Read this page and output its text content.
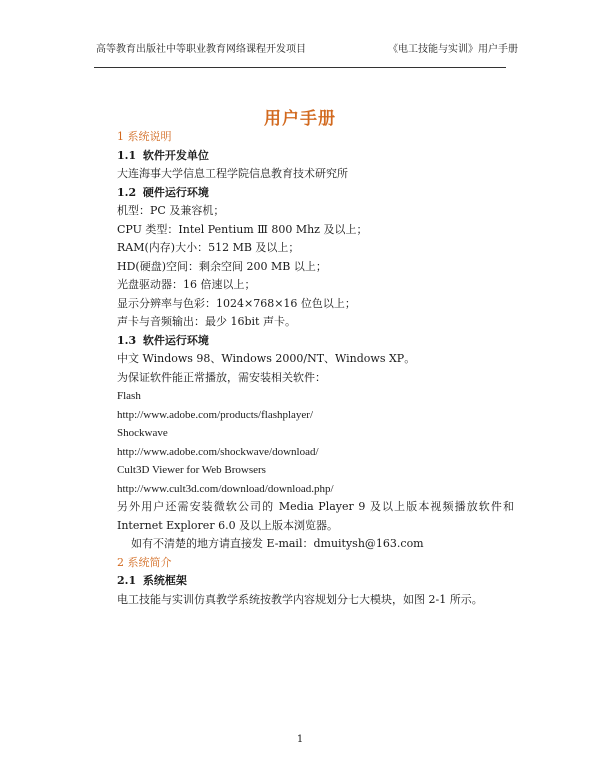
高等教育出版社中等职业教育网络课程开发项目	《电工技能与实训》用户手册
用户手册
1 系统说明
1.1 软件开发单位
大连海事大学信息工程学院信息教育技术研究所
1.2 硬件运行环境
机型：PC 及兼容机；
CPU 类型：Intel Pentium Ⅲ 800 Mhz 及以上；
RAM(内存)大小：512 MB 及以上；
HD(硬盘)空间：剩余空间 200 MB 以上；
光盘驱动器：16 倍速以上；
显示分辨率与色彩：1024×768×16 位色以上；
声卡与音频输出：最少 16bit 声卡。
1.3 软件运行环境
中文 Windows 98、Windows 2000/NT、Windows XP。
为保证软件能正常播放，需安装相关软件：
Flash
http://www.adobe.com/products/flashplayer/
Shockwave
http://www.adobe.com/shockwave/download/
Cult3D Viewer for Web Browsers
http://www.cult3d.com/download/download.php/
另外用户还需安装微软公司的 Media Player 9 及以上版本视频播放软件和 Internet Explorer 6.0 及以上版本浏览器。
如有不清楚的地方请直接发 E-mail：dmuitysh@163.com
2 系统简介
2.1 系统框架
电工技能与实训仿真教学系统按教学内容规划分七大模块，如图 2-1 所示。
1
